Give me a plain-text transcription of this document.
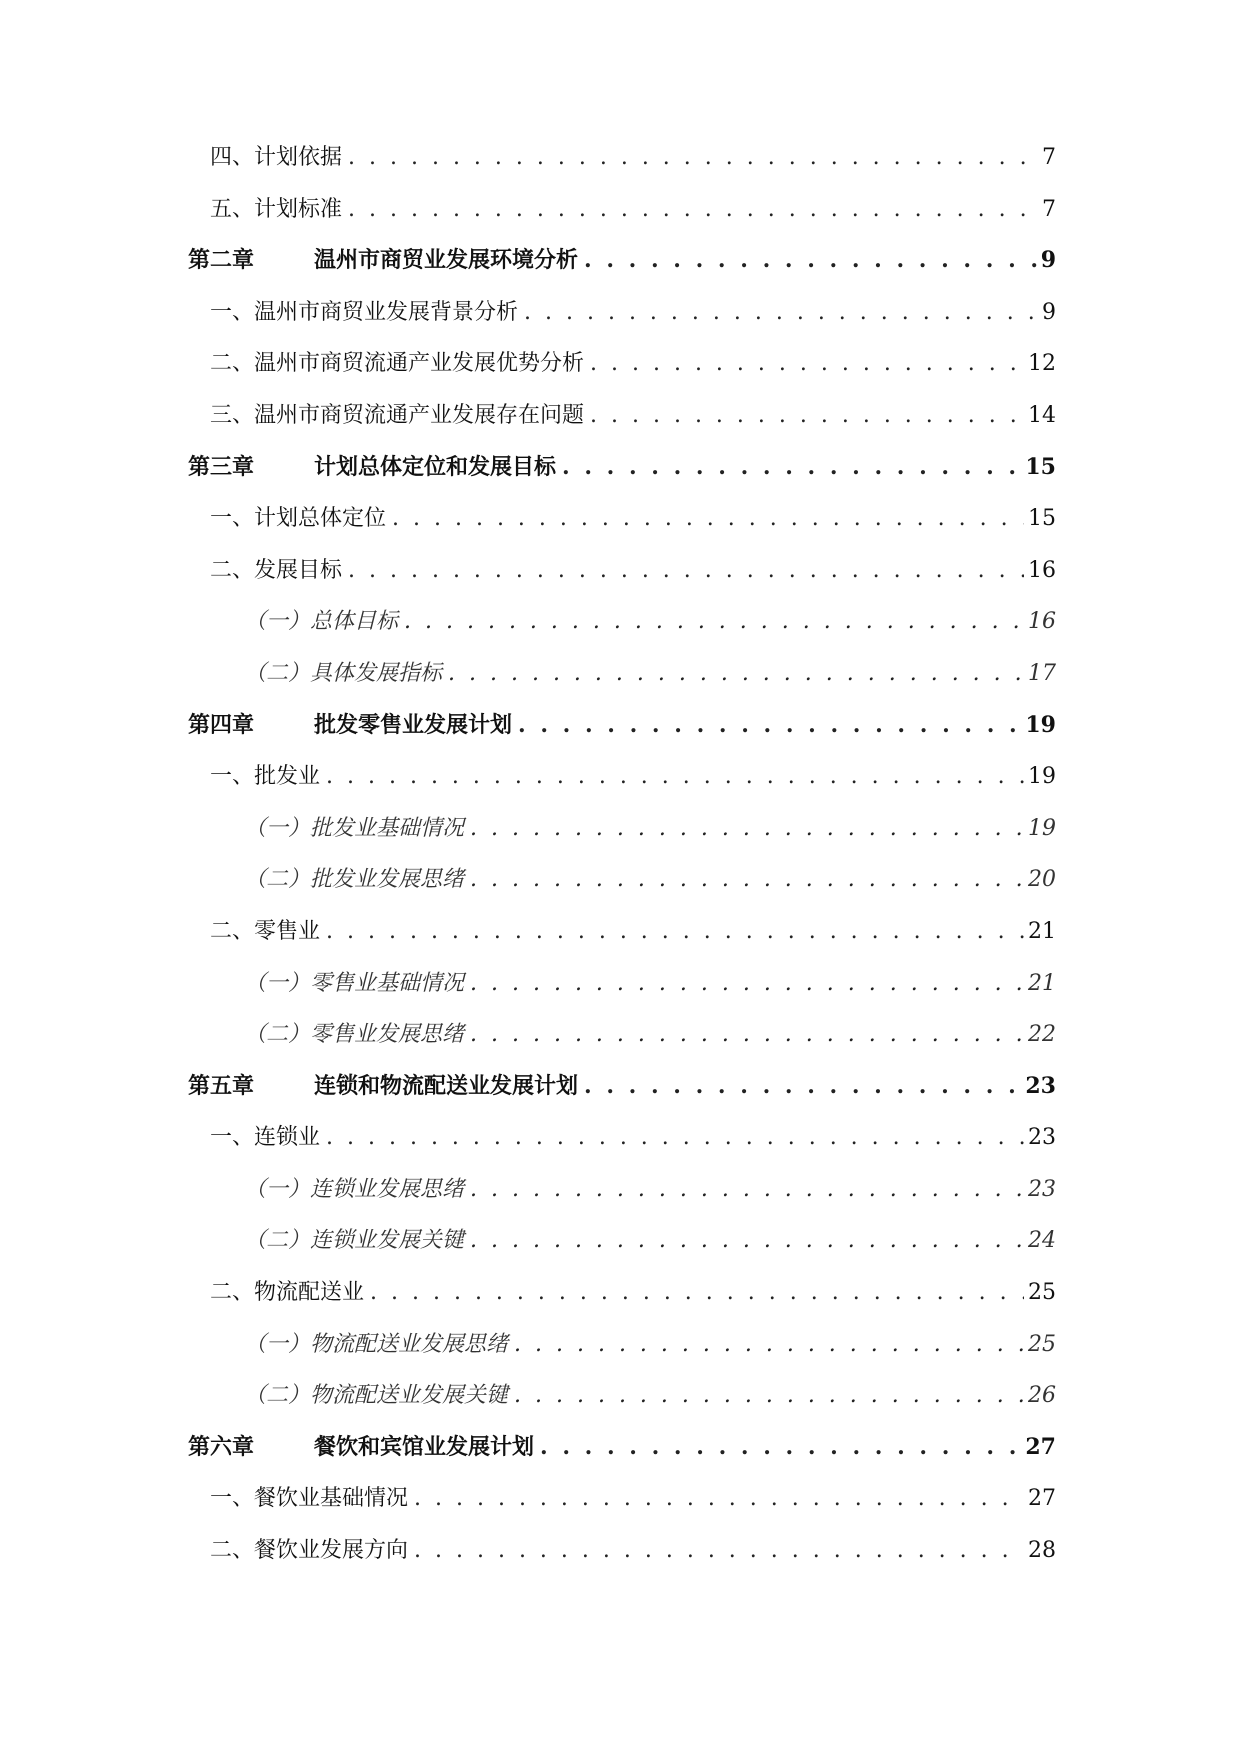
四、计划依据 . . .	7
五、计划标准 . . .	7
第二章	温州市商贸业发展环境分析 . . .	9
一、温州市商贸业发展背景分析 . . .	9
二、温州市商贸流通产业发展优势分析 . . .	12
三、温州市商贸流通产业发展存在问题 . . .	14
第三章	计划总体定位和发展目标 . . .	15
一、计划总体定位 . . .	15
二、发展目标 . . .	16
（一）总体目标 . . .	16
（二）具体发展指标 . . .	17
第四章	批发零售业发展计划 . . .	19
一、批发业 . . .	19
（一）批发业基础情况 . . .	19
（二）批发业发展思绪 . . .	20
二、零售业 . . .	21
（一）零售业基础情况 . . .	21
（二）零售业发展思绪 . . .	22
第五章	连锁和物流配送业发展计划 . . .	23
一、连锁业 . . .	23
（一）连锁业发展思绪 . . .	23
（二）连锁业发展关键 . . .	24
二、物流配送业 . . .	25
（一）物流配送业发展思绪 . . .	25
（二）物流配送业发展关键 . . .	26
第六章	餐饮和宾馆业发展计划 . . .	27
一、餐饮业基础情况 . . .	27
二、餐饮业发展方向 . . .	28
